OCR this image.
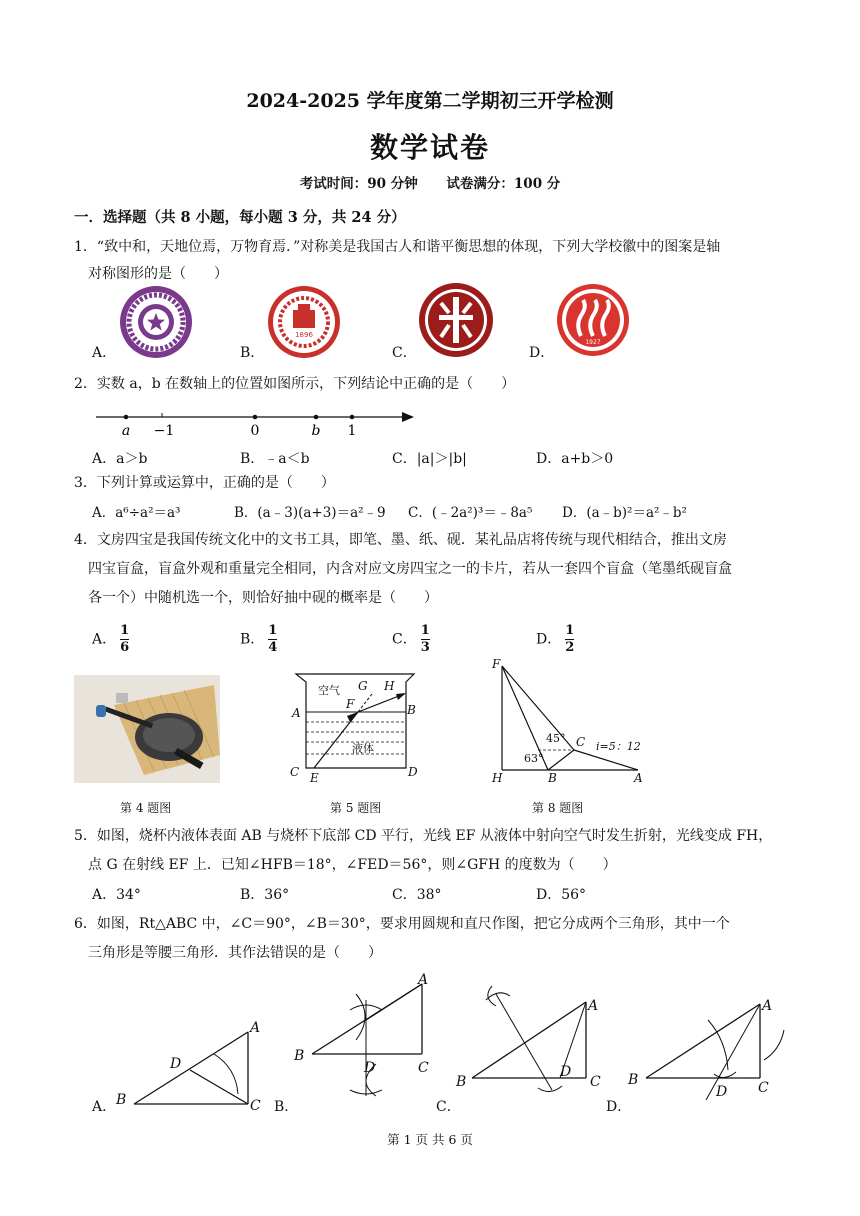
2024-2025 学年度第二学期初三开学检测
数学试卷
考试时间：90 分钟 试卷满分：100 分
一．选择题（共 8 小题，每小题 3 分，共 24 分）
1．“致中和，天地位焉，万物育焉．”对称美是我国古人和谐平衡思想的体现，下列大学校徽中的图案是轴
对称图形的是（　　）
1896
1927
A．	B．	C．	D．
2．实数 a，b 在数轴上的位置如图所示，下列结论中正确的是（　　）
a −1	0	b 1
A．a＞b	B．﹣a＜b	C．|a|＞|b|	D．a+b＞0
3．下列计算或运算中，正确的是（　　）
A．a⁶÷a²＝a³	B．(a﹣3)(a+3)＝a²﹣9 C．(﹣2a²)³＝﹣8a⁵ D．(a﹣b)²＝a²﹣b²
4．文房四宝是我国传统文化中的文书工具，即笔、墨、纸、砚．某礼品店将传统与现代相结合，推出文房
四宝盲盒，盲盒外观和重量完全相同，内含对应文房四宝之一的卡片，若从一套四个盲盒（笔墨纸砚盲盒
各一个）中随机选一个，则恰好抽中砚的概率是（　　）
A． $\frac{1}{6}$	B． $\frac{1}{4}$	C． $\frac{1}{3}$	D． $\frac{1}{2}$
A	B
C	D
E
F
G H
空气
液体
F
H	B	A
C
45°
63°
i=5：12
第 4 题图	第 5 题图	第 8 题图
5．如图，烧杯内液体表面 AB 与烧杯下底部 CD 平行，光线 EF 从液体中射向空气时发生折射，光线变成 FH，
点 G 在射线 EF 上．已知∠HFB＝18°，∠FED＝56°，则∠GFH 的度数为（　　）
A．34°	B．36°	C．38°	D．56°
6．如图，Rt△ABC 中，∠C＝90°，∠B＝30°，要求用圆规和直尺作图，把它分成两个三角形，其中一个
三角形是等腰三角形．其作法错误的是（　　）
A
B	C
D
A．
A
B
C
D
B．
A
B	C
D
C．
A
B	C
D
D．
第 1 页 共 6 页
